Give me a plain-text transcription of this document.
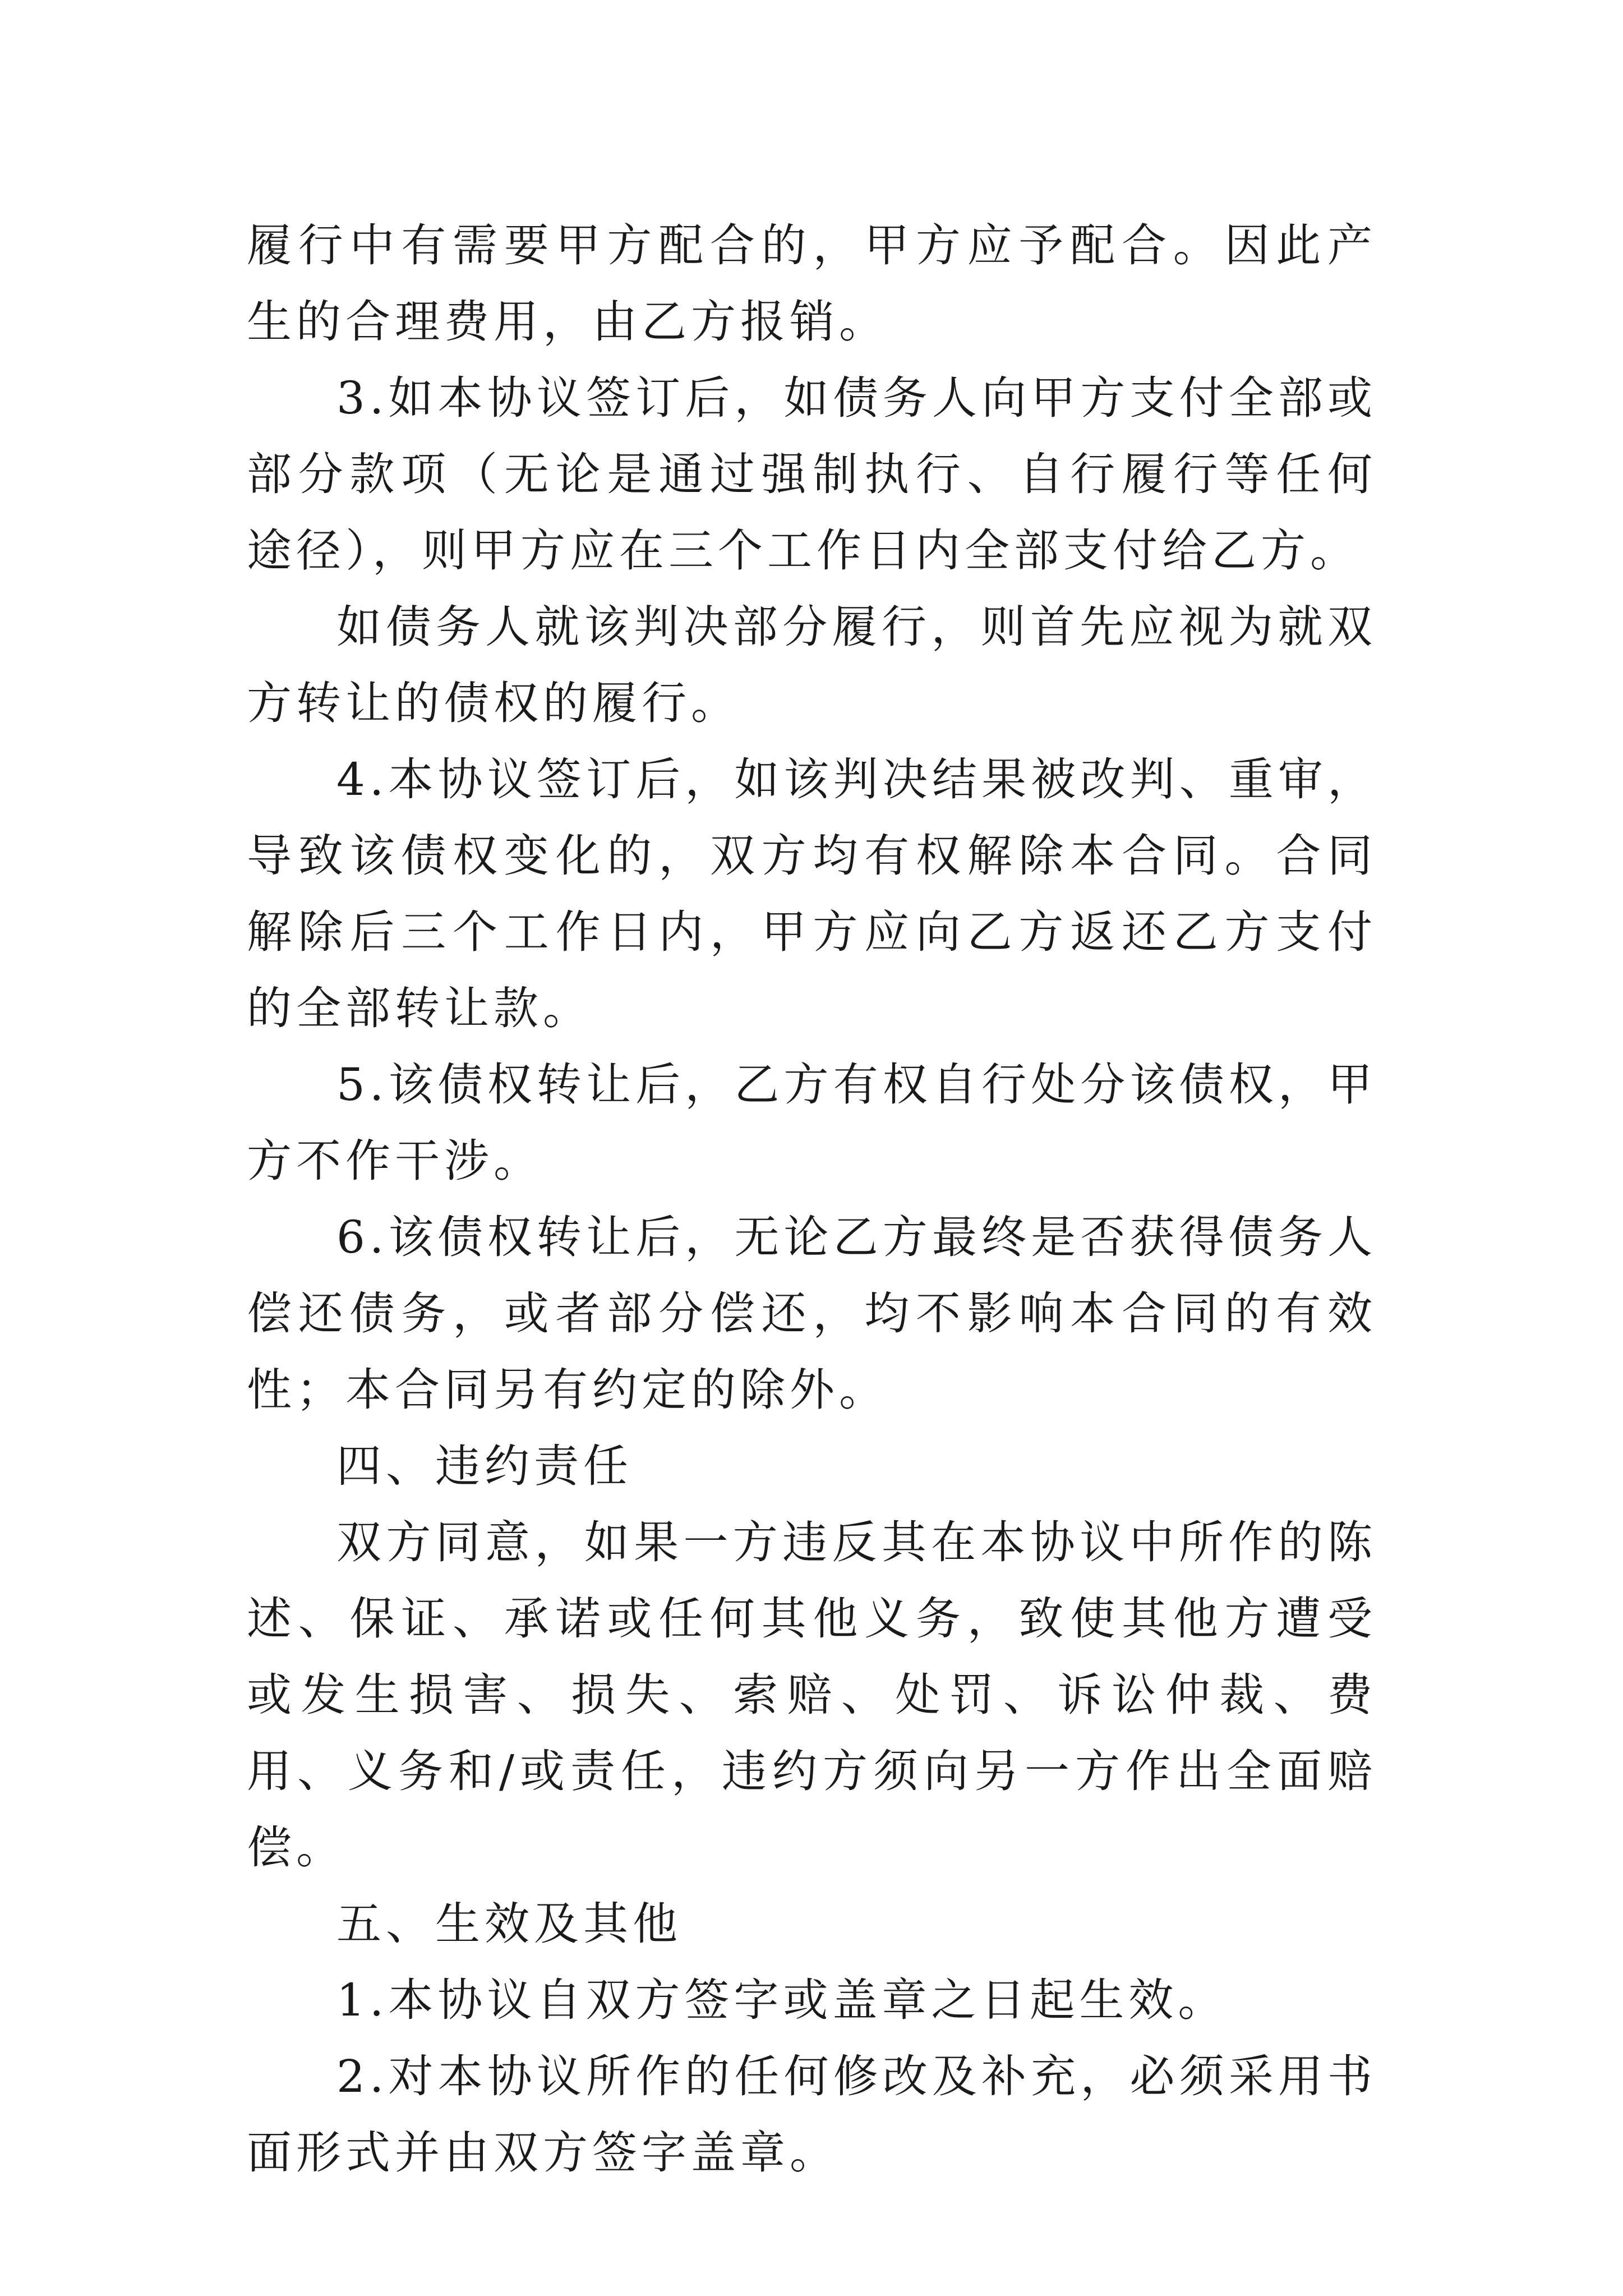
履行中有需要甲方配合的，甲方应予配合。因此产生的合理费用，由乙方报销。

3.如本协议签订后，如债务人向甲方支付全部或部分款项（无论是通过强制执行、自行履行等任何途径），则甲方应在三个工作日内全部支付给乙方。

如债务人就该判决部分履行，则首先应视为就双方转让的债权的履行。

4.本协议签订后，如该判决结果被改判、重审，导致该债权变化的，双方均有权解除本合同。合同解除后三个工作日内，甲方应向乙方返还乙方支付的全部转让款。

5.该债权转让后，乙方有权自行处分该债权，甲方不作干涉。

6.该债权转让后，无论乙方最终是否获得债务人偿还债务，或者部分偿还，均不影响本合同的有效性；本合同另有约定的除外。

四、违约责任

双方同意，如果一方违反其在本协议中所作的陈述、保证、承诺或任何其他义务，致使其他方遭受或发生损害、损失、索赔、处罚、诉讼仲裁、费用、义务和/或责任，违约方须向另一方作出全面赔偿。

五、生效及其他

1.本协议自双方签字或盖章之日起生效。

2.对本协议所作的任何修改及补充，必须采用书面形式并由双方签字盖章。
